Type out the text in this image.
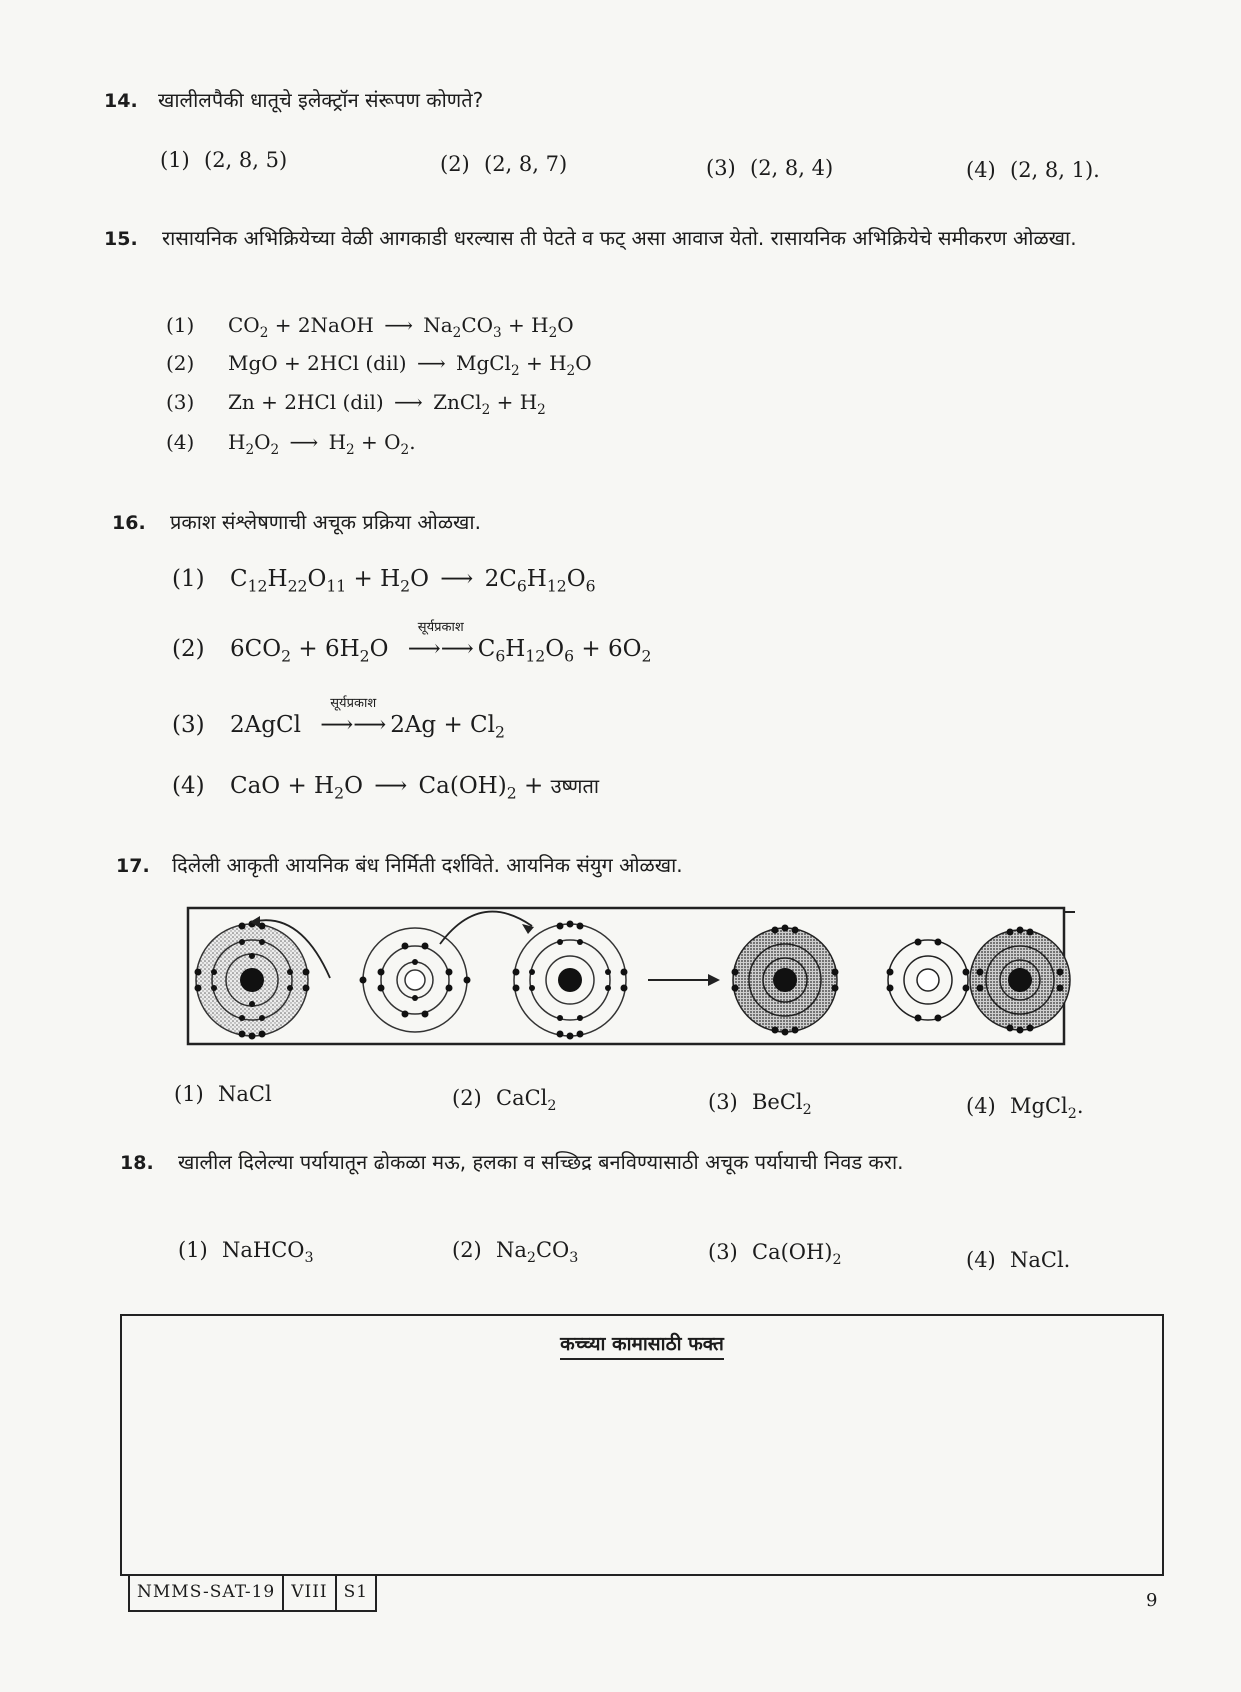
14. खालीलपैकी धातूचे इलेक्ट्रॉन संरूपण कोणते?
(1) (2, 8, 5)	(2) (2, 8, 7)	(3) (2, 8, 4)	(4) (2, 8, 1).
15. रासायनिक अभिक्रियेच्या वेळी आगकाडी धरल्यास ती पेटते व फट् असा आवाज येतो. रासायनिक अभिक्रियेचे समीकरण ओळखा.
(1) $CO_2$ + 2NaOH ⟶ $Na_2CO_3 + H_2O$
(2) MgO + 2HCl (dil) ⟶ MgCl$_2$ + $H_2O$
(3) Zn + 2HCl (dil) ⟶ ZnCl$_2$ + $H_2$
(4) $H_2O_2$ ⟶ $H_2 + O_2$.
16. प्रकाश संश्लेषणाची अचूक प्रक्रिया ओळखा.
(1) $C_{12}H_{22}O_{11} + H_2O$ ⟶ $2C_6H_{12}O_6$
(2) $6CO_2 + 6H_2O$
सूर्यप्रकाश
⟶⟶ $C_6H_{12}O_6 + 6O_2$
(3) 2AgCl
सूर्यप्रकाश
⟶⟶ $2Ag + Cl_2$
(4) CaO + $H_2O$ ⟶ $Ca(OH)_2$ + उष्णता
17. दिलेली आकृती आयनिक बंध निर्मिती दर्शविते. आयनिक संयुग ओळखा.
(1) NaCl	(2) CaCl$_2$	(3) BeCl$_2$	(4) MgCl$_2$.
18. खालील दिलेल्या पर्यायातून ढोकळा मऊ, हलका व सच्छिद्र बनविण्यासाठी अचूक पर्यायाची निवड करा.
(1) NaHCO$_3$	(2) $Na_2CO_3$	(3) $Ca(OH)_2$	(4) NaCl.
कच्च्या कामासाठी फक्त
NMMS-SAT-19 VIII S1	9
